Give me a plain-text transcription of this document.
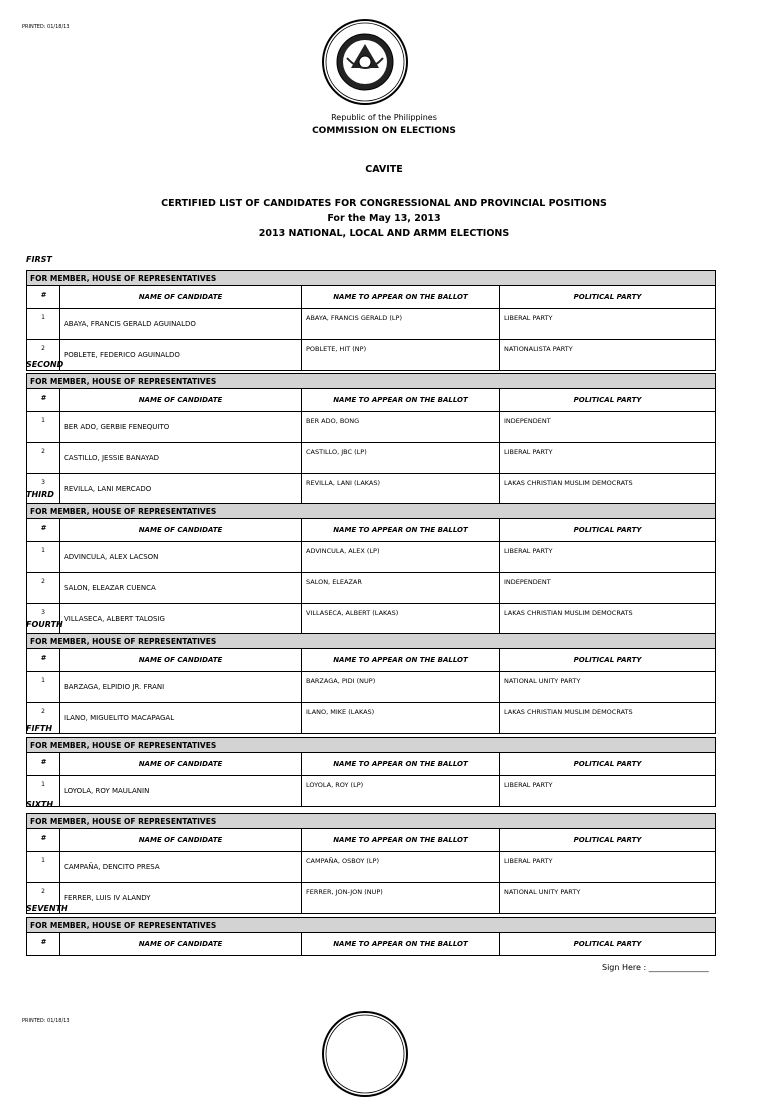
PRINTED: 01/18/13
Republic of the Philippines
COMMISSION ON ELECTIONS
CAVITE
CERTIFIED LIST OF CANDIDATES FOR CONGRESSIONAL AND PROVINCIAL POSITIONS
For the May 13, 2013
2013 NATIONAL, LOCAL AND ARMM ELECTIONS
FIRST
FOR MEMBER, HOUSE OF REPRESENTATIVES			
#	NAME OF CANDIDATE	NAME TO APPEAR ON THE BALLOT	POLITICAL PARTY
1	ABAYA, FRANCIS GERALD AGUINALDO	ABAYA, FRANCIS GERALD (LP)	LIBERAL PARTY
2	POBLETE, FEDERICO AGUINALDO	POBLETE, HIT (NP)	NATIONALISTA PARTY
SECOND
FOR MEMBER, HOUSE OF REPRESENTATIVES			
#	NAME OF CANDIDATE	NAME TO APPEAR ON THE BALLOT	POLITICAL PARTY
1	BER ADO, GERBIE FENEQUITO	BER ADO, BONG	INDEPENDENT
2	CASTILLO, JESSIE BANAYAD	CASTILLO, JBC (LP)	LIBERAL PARTY
3	REVILLA, LANI MERCADO	REVILLA, LANI (LAKAS)	LAKAS CHRISTIAN MUSLIM DEMOCRATS
THIRD
FOR MEMBER, HOUSE OF REPRESENTATIVES			
#	NAME OF CANDIDATE	NAME TO APPEAR ON THE BALLOT	POLITICAL PARTY
1	ADVINCULA, ALEX LACSON	ADVINCULA, ALEX (LP)	LIBERAL PARTY
2	SALON, ELEAZAR CUENCA	SALON, ELEAZAR	INDEPENDENT
3	VILLASECA, ALBERT TALOSIG	VILLASECA, ALBERT (LAKAS)	LAKAS CHRISTIAN MUSLIM DEMOCRATS
FOURTH
FOR MEMBER, HOUSE OF REPRESENTATIVES			
#	NAME OF CANDIDATE	NAME TO APPEAR ON THE BALLOT	POLITICAL PARTY
1	BARZAGA, ELPIDIO JR. FRANI	BARZAGA, PIDI (NUP)	NATIONAL UNITY PARTY
2	ILANO, MIGUELITO MACAPAGAL	ILANO, MIKE (LAKAS)	LAKAS CHRISTIAN MUSLIM DEMOCRATS
FIFTH
FOR MEMBER, HOUSE OF REPRESENTATIVES			
#	NAME OF CANDIDATE	NAME TO APPEAR ON THE BALLOT	POLITICAL PARTY
1	LOYOLA, ROY MAULANIN	LOYOLA, ROY (LP)	LIBERAL PARTY
SIXTH
FOR MEMBER, HOUSE OF REPRESENTATIVES			
#	NAME OF CANDIDATE	NAME TO APPEAR ON THE BALLOT	POLITICAL PARTY
1	CAMPAÑA, DENCITO PRESA	CAMPAÑA, OSBOY (LP)	LIBERAL PARTY
2	FERRER, LUIS IV ALANDY	FERRER, JON-JON (NUP)	NATIONAL UNITY PARTY
SEVENTH
FOR MEMBER, HOUSE OF REPRESENTATIVES
#	NAME OF CANDIDATE	NAME TO APPEAR ON THE BALLOT	POLITICAL PARTY
Sign Here : _______________
PRINTED: 01/18/13
